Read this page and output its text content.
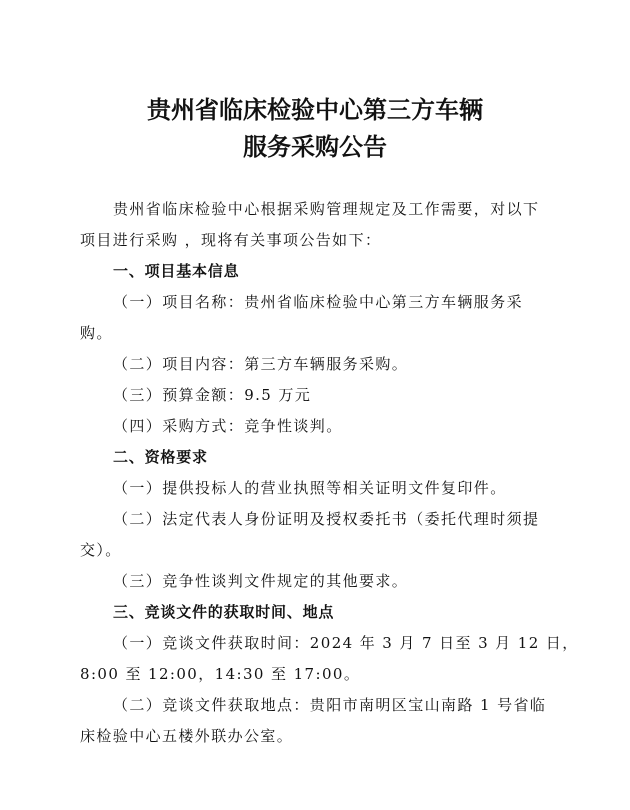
贵州省临床检验中心第三方车辆
服务采购公告
贵州省临床检验中心根据采购管理规定及工作需要，对以下
项目进行采购 ，现将有关事项公告如下：
一、项目基本信息
（一）项目名称：贵州省临床检验中心第三方车辆服务采
购。
（二）项目内容：第三方车辆服务采购。
（三）预算金额：9.5 万元
（四）采购方式：竞争性谈判。
二、资格要求
（一）提供投标人的营业执照等相关证明文件复印件。
（二）法定代表人身份证明及授权委托书（委托代理时须提
交）。
（三）竞争性谈判文件规定的其他要求。
三、竞谈文件的获取时间、地点
（一）竞谈文件获取时间：2024 年 3 月 7 日至 3 月 12 日，
8:00 至 12:00，14:30 至 17:00。
（二）竞谈文件获取地点：贵阳市南明区宝山南路 1 号省临
床检验中心五楼外联办公室。
